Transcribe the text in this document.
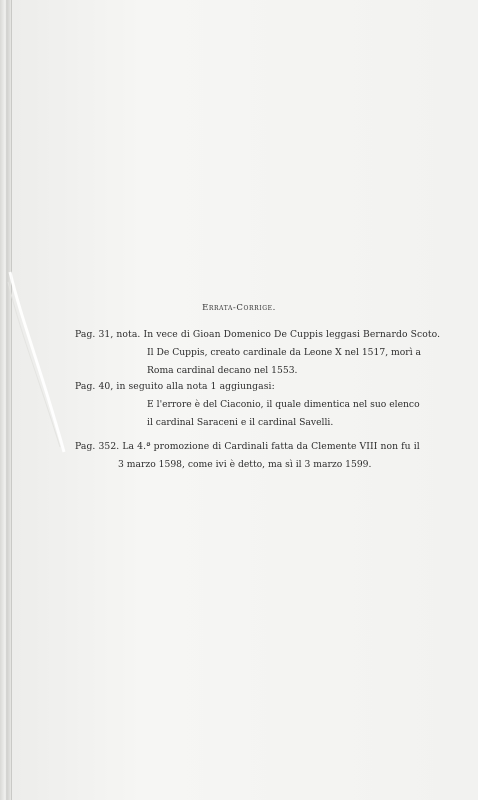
Errata-Corrige.
Pag. 31, nota. In vece di Gioan Domenico De Cuppis leggasi Bernardo Scoto.
Il De Cuppis, creato cardinale da Leone X nel 1517, morì a
Roma cardinal decano nel 1553.
Pag. 40, in seguito alla nota 1 aggiungasi:
E l'errore è del Ciaconio, il quale dimentica nel suo elenco
il cardinal Saraceni e il cardinal Savelli.
Pag. 352. La 4.ª promozione di Cardinali fatta da Clemente VIII non fu il
3 marzo 1598, come ivi è detto, ma sì il 3 marzo 1599.
